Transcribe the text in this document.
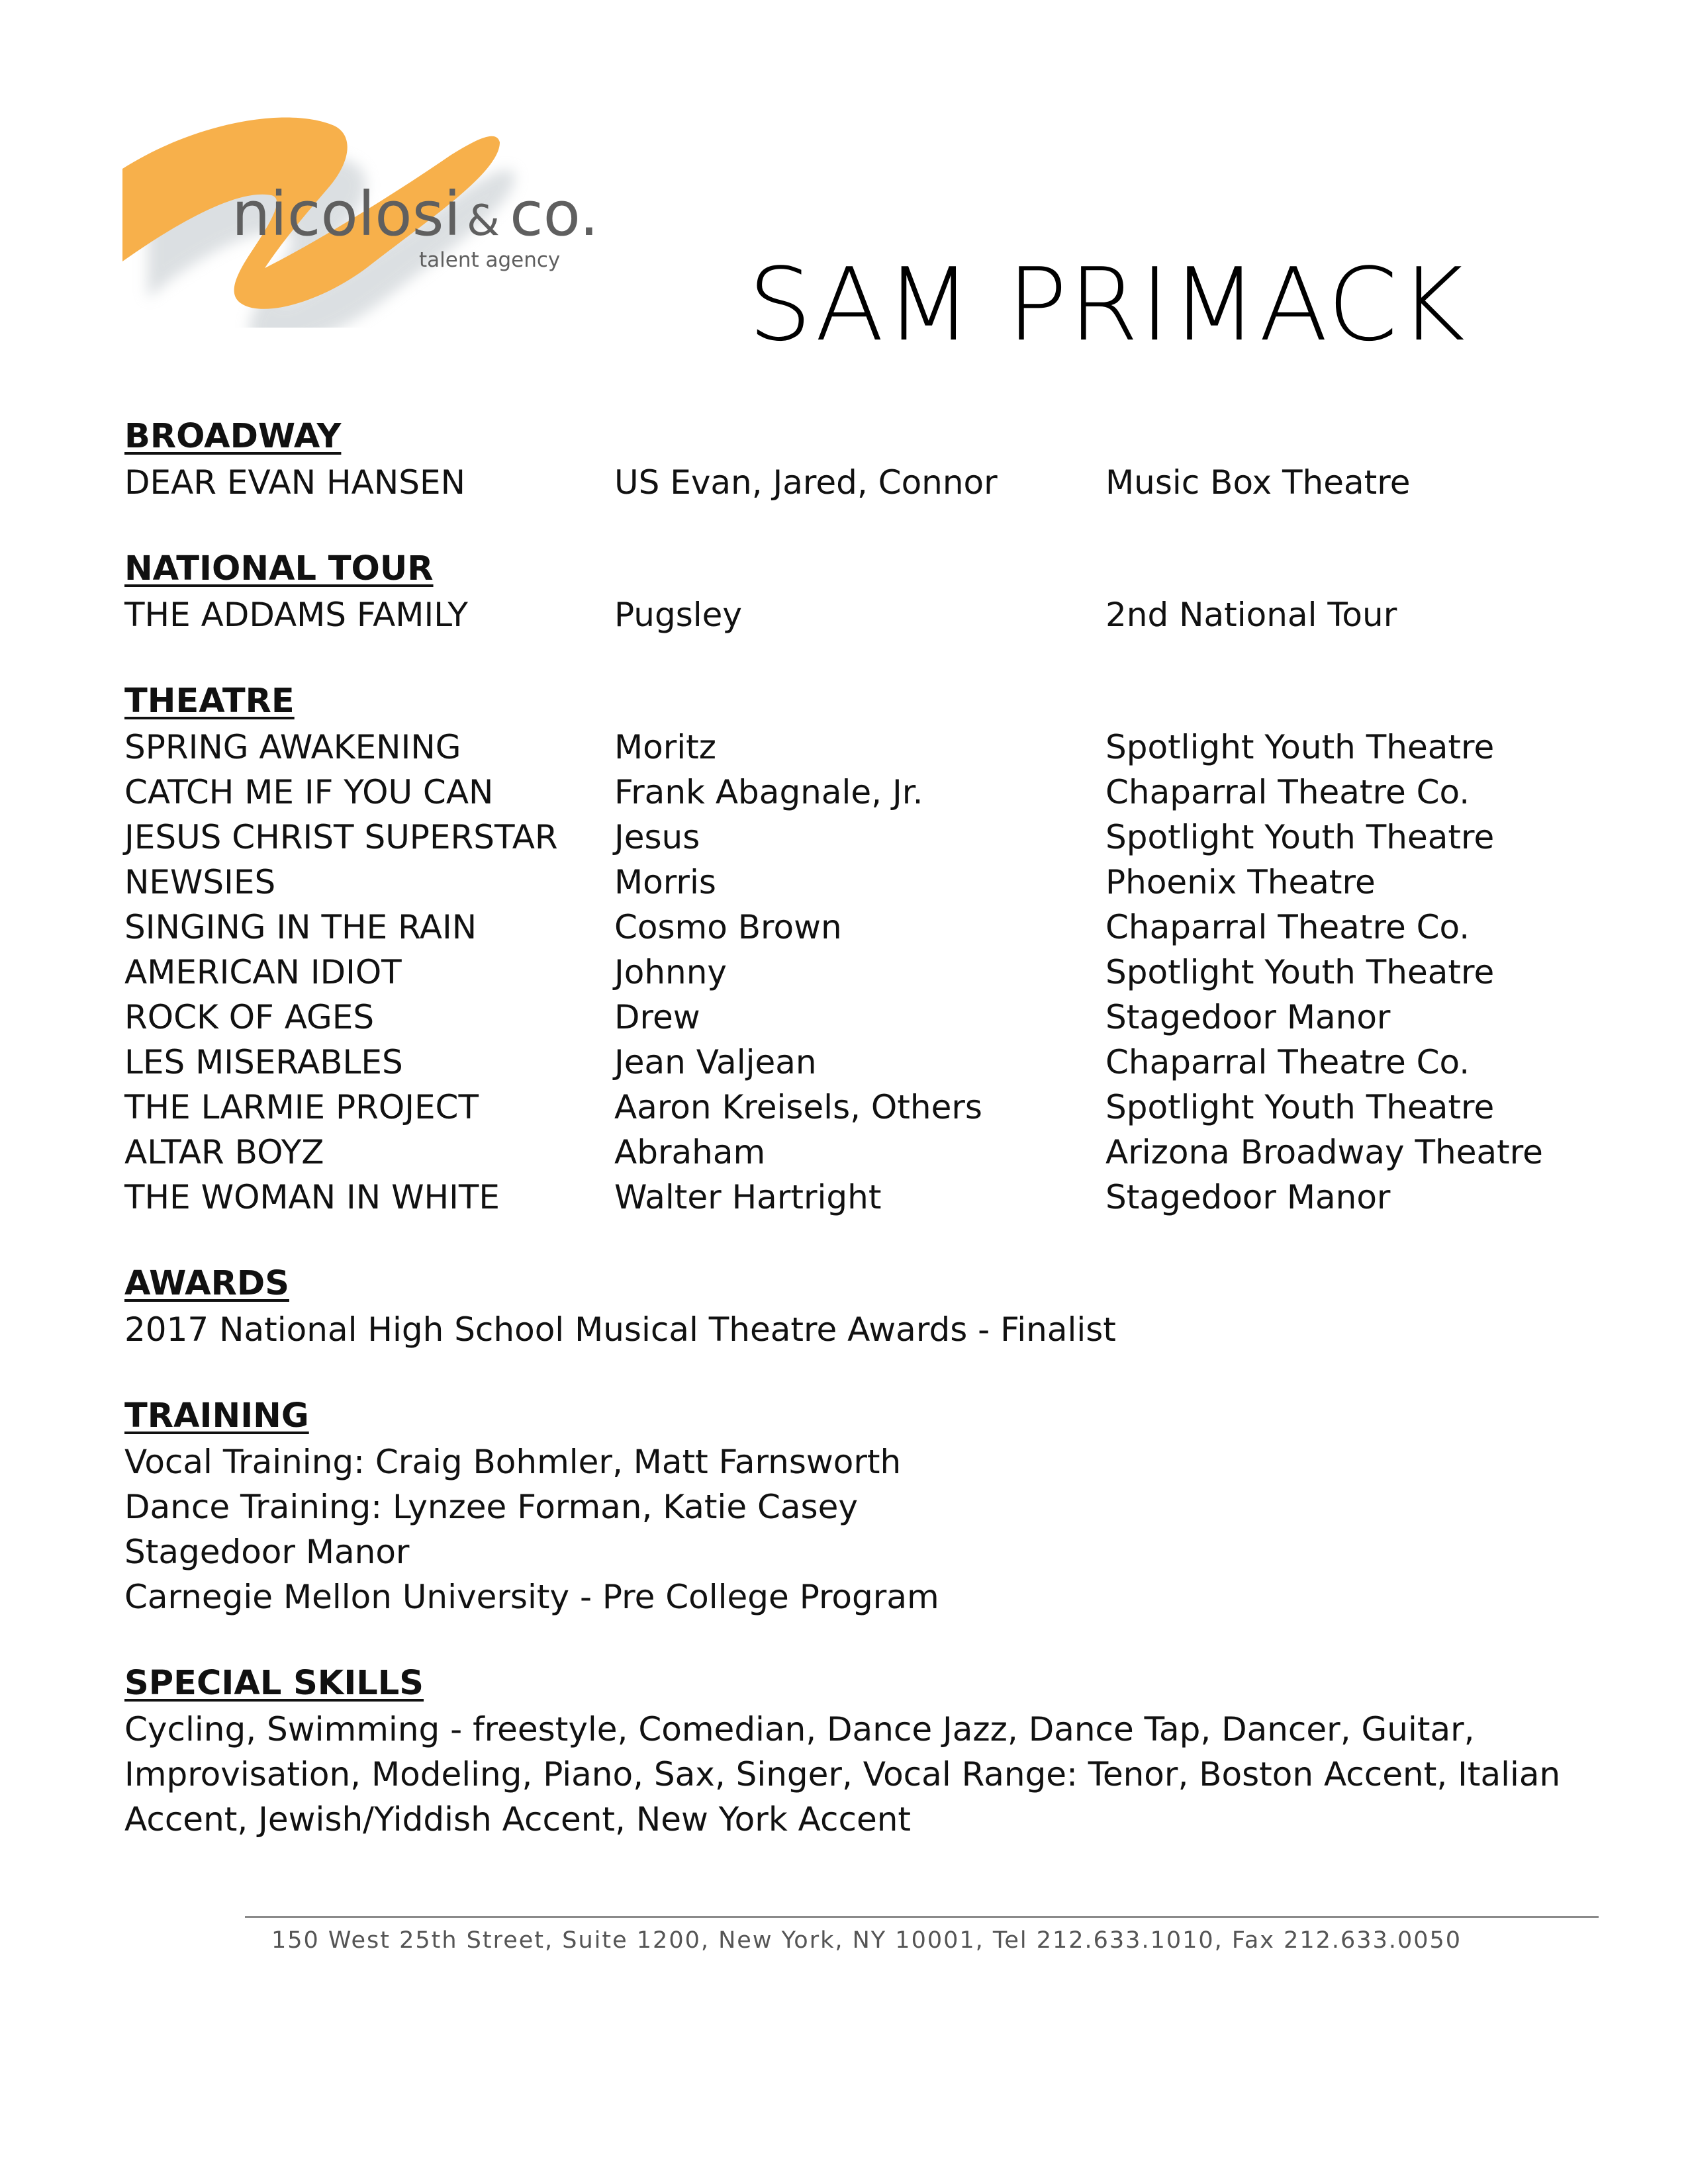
nicolosi & co.
talent agency SAM PRIMACK
BROADWAY
DEAR EVAN HANSEN	US Evan, Jared, Connor	Music Box Theatre
NATIONAL TOUR
THE ADDAMS FAMILY	Pugsley	2nd National Tour
THEATRE
SPRING AWAKENING	Moritz	Spotlight Youth Theatre
CATCH ME IF YOU CAN	Frank Abagnale, Jr.	Chaparral Theatre Co.
JESUS CHRIST SUPERSTAR	Jesus	Spotlight Youth Theatre
NEWSIES	Morris	Phoenix Theatre
SINGING IN THE RAIN	Cosmo Brown	Chaparral Theatre Co.
AMERICAN IDIOT	Johnny	Spotlight Youth Theatre
ROCK OF AGES	Drew	Stagedoor Manor
LES MISERABLES	Jean Valjean	Chaparral Theatre Co.
THE LARMIE PROJECT	Aaron Kreisels, Others	Spotlight Youth Theatre
ALTAR BOYZ	Abraham	Arizona Broadway Theatre
THE WOMAN IN WHITE	Walter Hartright	Stagedoor Manor
AWARDS
2017 National High School Musical Theatre Awards - Finalist
TRAINING
Vocal Training: Craig Bohmler, Matt Farnsworth
Dance Training: Lynzee Forman, Katie Casey
Stagedoor Manor
Carnegie Mellon University - Pre College Program
SPECIAL SKILLS
Cycling, Swimming - freestyle, Comedian, Dance Jazz, Dance Tap, Dancer, Guitar, Improvisation, Modeling, Piano, Sax, Singer, Vocal Range: Tenor, Boston Accent, Italian Accent, Jewish/Yiddish Accent, New York Accent
150 West 25th Street, Suite 1200, New York, NY 10001, Tel 212.633.1010, Fax 212.633.0050
